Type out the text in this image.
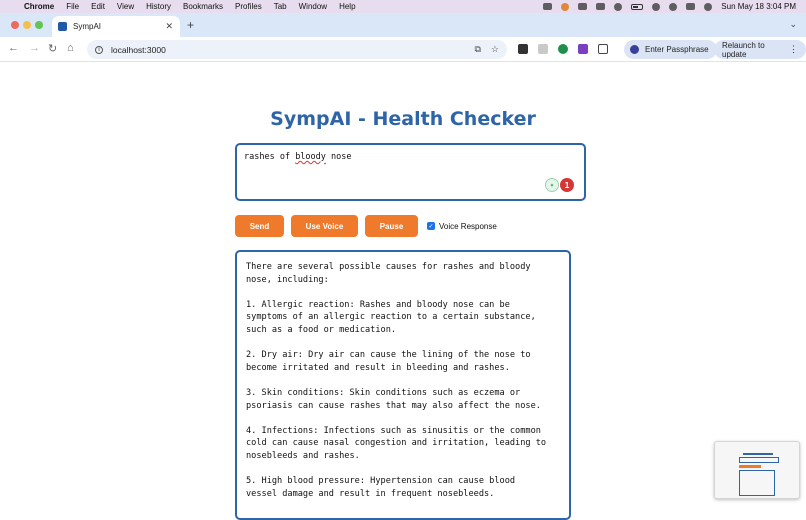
Chrome File Edit View History Bookmarks Profiles Tab Window Help	Sun May 18 3:04 PM
SympAI	✕ +	⌄
← → ↻ ⌂	i	localhost:3000	⧉ ☆	Enter Passphrase Relaunch to update	⋮
SympAI - Health Checker
rashes of bloody nose
✦	1
Send	Use Voice	Pause	✓ Voice Response
There are several possible causes for rashes and bloody
nose, including:

1. Allergic reaction: Rashes and bloody nose can be
symptoms of an allergic reaction to a certain substance,
such as a food or medication.

2. Dry air: Dry air can cause the lining of the nose to
become irritated and result in bleeding and rashes.

3. Skin conditions: Skin conditions such as eczema or
psoriasis can cause rashes that may also affect the nose.

4. Infections: Infections such as sinusitis or the common
cold can cause nasal congestion and irritation, leading to
nosebleeds and rashes.

5. High blood pressure: Hypertension can cause blood
vessel damage and result in frequent nosebleeds.
